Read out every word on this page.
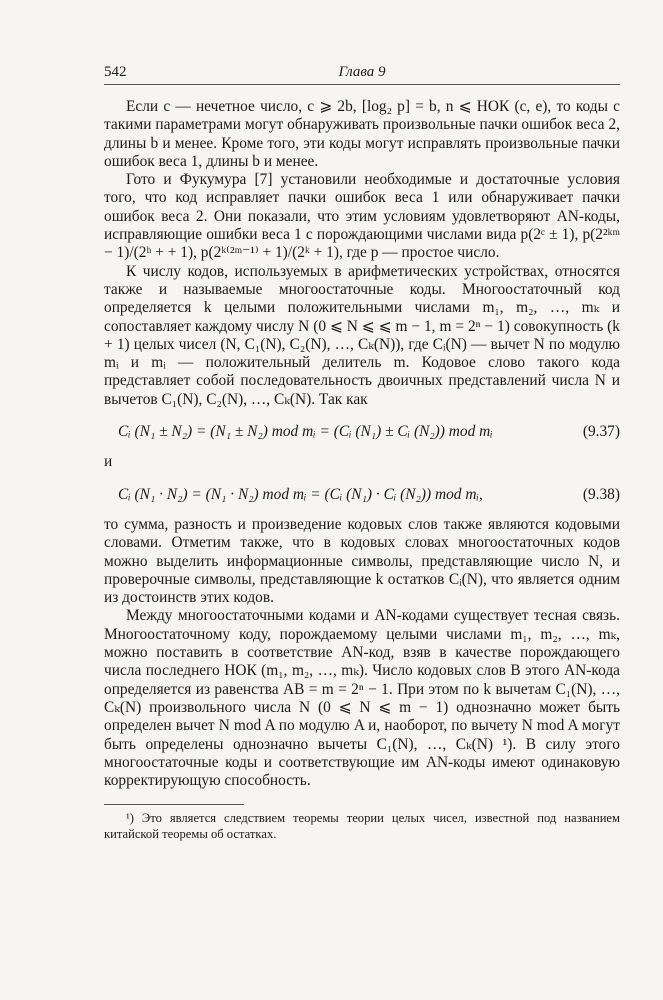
542	Глава 9

Если c — нечетное число, c ⩾ 2b, [log₂ p] = b, n ⩽ НОК (c, e), то коды с такими параметрами могут обнаруживать произвольные пачки ошибок веса 2, длины b и менее. Кроме того, эти коды могут исправлять произвольные пачки ошибок веса 1, длины b и менее.

Гото и Фукумура [7] установили необходимые и достаточные условия того, что код исправляет пачки ошибок веса 1 или обнаруживает пачки ошибок веса 2. Они показали, что этим условиям удовлетворяют AN-коды, исправляющие ошибки веса 1 с порождающими числами вида p(2ᶜ ± 1), p(2²ᵏᵐ − 1)/(2ʰ + + 1), p(2ᵏ⁽²ᵐ⁻¹⁾ + 1)/(2ᵏ + 1), где p — простое число.

К числу кодов, используемых в арифметических устройствах, относятся также и называемые многоостаточные коды. Многоостаточный код определяется k целыми положительными числами m₁, m₂, …, mₖ и сопоставляет каждому числу N (0 ⩽ N ⩽ ⩽ m − 1, m = 2ⁿ − 1) совокупность (k + 1) целых чисел (N, C₁(N), C₂(N), …, Cₖ(N)), где Cᵢ(N) — вычет N по модулю mᵢ и mᵢ — положительный делитель m. Кодовое слово такого кода представляет собой последовательность двоичных представлений числа N и вычетов C₁(N), C₂(N), …, Cₖ(N). Так как

Cᵢ (N₁ ± N₂) = (N₁ ± N₂) mod mᵢ = (Cᵢ (N₁) ± Cᵢ (N₂)) mod mᵢ	(9.37)

и

Cᵢ (N₁ · N₂) = (N₁ · N₂) mod mᵢ = (Cᵢ (N₁) · Cᵢ (N₂)) mod mᵢ,	(9.38)

то сумма, разность и произведение кодовых слов также являются кодовыми словами. Отметим также, что в кодовых словах многоостаточных кодов можно выделить информационные символы, представляющие число N, и проверочные символы, представляющие k остатков Cᵢ(N), что является одним из достоинств этих кодов.

Между многоостаточными кодами и AN-кодами существует тесная связь. Многоостаточному коду, порождаемому целыми числами m₁, m₂, …, mₖ, можно поставить в соответствие AN-код, взяв в качестве порождающего числа последнего НОК (m₁, m₂, …, mₖ). Число кодовых слов B этого AN-кода определяется из равенства AB = m = 2ⁿ − 1. При этом по k вычетам C₁(N), …, Cₖ(N) произвольного числа N (0 ⩽ N ⩽ m − 1) однозначно может быть определен вычет N mod A по модулю A и, наоборот, по вычету N mod A могут быть определены однозначно вычеты C₁(N), …, Cₖ(N) ¹). В силу этого многоостаточные коды и соответствующие им AN-коды имеют одинаковую корректирующую способность.

¹) Это является следствием теоремы теории целых чисел, известной под названием китайской теоремы об остатках.
